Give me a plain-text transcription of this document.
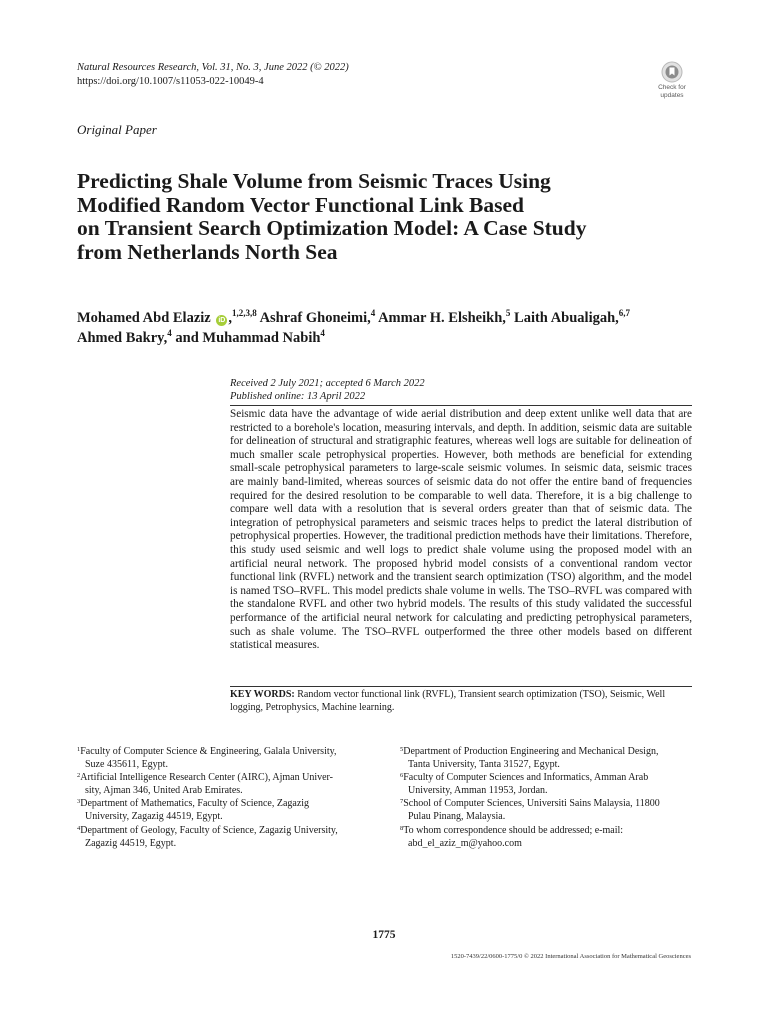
Natural Resources Research, Vol. 31, No. 3, June 2022 (© 2022)
https://doi.org/10.1007/s11053-022-10049-4
Check for
updates
Original Paper
Predicting Shale Volume from Seismic Traces Using
Modified Random Vector Functional Link Based
on Transient Search Optimization Model: A Case Study
from Netherlands North Sea
Mohamed Abd Elaziz iD ,$^{1,2,3,8}$ Ashraf Ghoneimi,$^4$ Ammar H. Elsheikh,$^5$ Laith Abualigah,$^{6,7}$
Ahmed Bakry,$^4$ and Muhammad Nabih$^4$
Received 2 July 2021; accepted 6 March 2022
Published online: 13 April 2022
Seismic data have the advantage of wide aerial distribution and deep extent unlike well data that are restricted to a borehole's location, measuring intervals, and depth. In addition, seismic data are suitable for delineation of structural and stratigraphic features, whereas well logs are suitable for delineation of much smaller scale petrophysical properties. However, both methods are beneficial for extending small-scale petrophysical parameters to large-scale seismic volumes. In seismic data, seismic traces are mainly band-limited, whereas sources of seismic data do not offer the entire band of frequencies required for the desired resolution to be comparable to well data. Therefore, it is a big challenge to compare well data with a resolution that is several orders greater than that of seismic data. The integration of petrophysical parameters and seismic traces helps to predict the lateral distribution of petrophysical properties. However, the traditional prediction methods have their limitations. Therefore, this study used seismic and well logs to predict shale volume using the proposed model with an artificial neural network. The proposed hybrid model consists of a conventional random vector functional link (RVFL) network and the transient search optimization (TSO) algorithm, and the model is named TSO–RVFL. This model predicts shale volume in wells. The TSO–RVFL was compared with the standalone RVFL and other two hybrid models. The results of this study validated the successful performance of the artificial neural network for calculating and predicting petrophysical parameters, such as shale volume. The TSO–RVFL outperformed the three other models based on different statistical measures.
KEY WORDS: Random vector functional link (RVFL), Transient search optimization (TSO), Seismic, Well logging, Petrophysics, Machine learning.
$^1$Faculty of Computer Science & Engineering, Galala University,
Suze 435611, Egypt.
$^2$Artificial Intelligence Research Center (AIRC), Ajman Univer-
sity, Ajman 346, United Arab Emirates.
$^3$Department of Mathematics, Faculty of Science, Zagazig
University, Zagazig 44519, Egypt.
$^4$Department of Geology, Faculty of Science, Zagazig University,
Zagazig 44519, Egypt.
$^5$Department of Production Engineering and Mechanical Design,
Tanta University, Tanta 31527, Egypt.
$^6$Faculty of Computer Sciences and Informatics, Amman Arab
University, Amman 11953, Jordan.
$^7$School of Computer Sciences, Universiti Sains Malaysia, 11800
Pulau Pinang, Malaysia.
$^8$To whom correspondence should be addressed; e-mail:
abd_el_aziz_m@yahoo.com
1775
1520-7439/22/0600-1775/0 © 2022 International Association for Mathematical Geosciences
